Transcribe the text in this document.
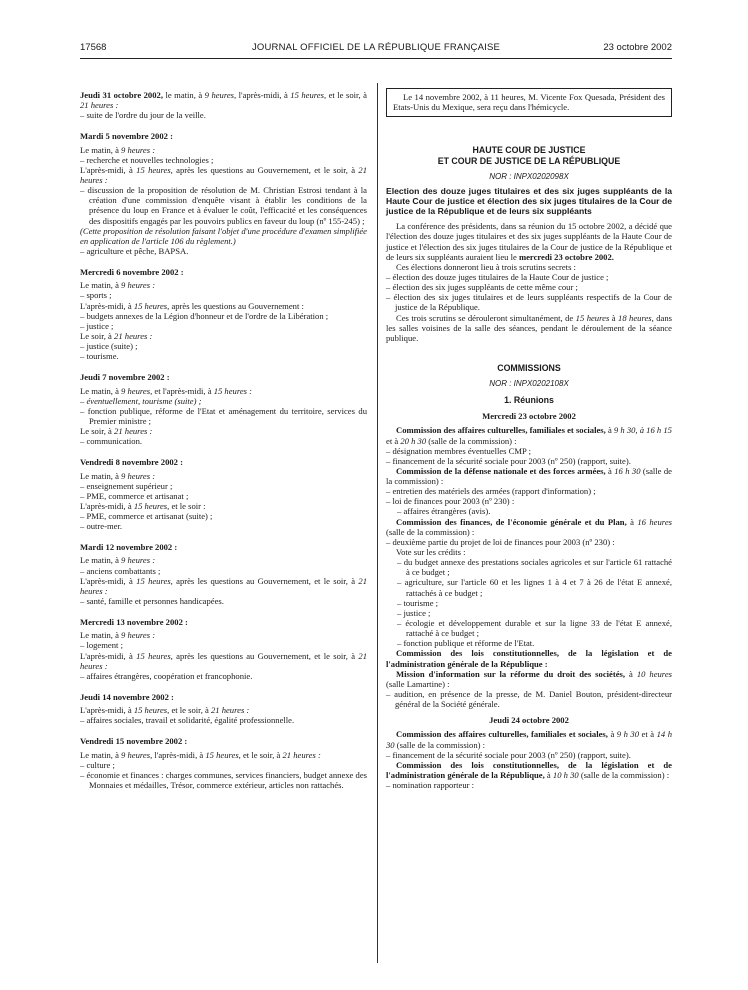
17568	JOURNAL OFFICIEL DE LA RÉPUBLIQUE FRANÇAISE	23 octobre 2002

Jeudi 31 octobre 2002, le matin, à 9 heures, l'après-midi, à 15 heures, et le soir, à 21 heures :

– suite de l'ordre du jour de la veille.

Mardi 5 novembre 2002 :

Le matin, à 9 heures :

– recherche et nouvelles technologies ;

L'après-midi, à 15 heures, après les questions au Gouvernement, et le soir, à 21 heures :

– discussion de la proposition de résolution de M. Christian Estrosi tendant à la création d'une commission d'enquête visant à établir les conditions de la présence du loup en France et à évaluer le coût, l'efficacité et les conséquences des dispositifs engagés par les pouvoirs publics en faveur du loup (nº 155-245) ;

(Cette proposition de résolution faisant l'objet d'une procédure d'examen simplifiée en application de l'article 106 du règlement.)

– agriculture et pêche, BAPSA.

Mercredi 6 novembre 2002 :

Le matin, à 9 heures :

– sports ;

L'après-midi, à 15 heures, après les questions au Gouvernement :

– budgets annexes de la Légion d'honneur et de l'ordre de la Libération ;

– justice ;

Le soir, à 21 heures :

– justice (suite) ;

– tourisme.

Jeudi 7 novembre 2002 :

Le matin, à 9 heures, et l'après-midi, à 15 heures :

– éventuellement, tourisme (suite) ;

– fonction publique, réforme de l'Etat et aménagement du territoire, services du Premier ministre ;

Le soir, à 21 heures :

– communication.

Vendredi 8 novembre 2002 :

Le matin, à 9 heures :

– enseignement supérieur ;

– PME, commerce et artisanat ;

L'après-midi, à 15 heures, et le soir :

– PME, commerce et artisanat (suite) ;

– outre-mer.

Mardi 12 novembre 2002 :

Le matin, à 9 heures :

– anciens combattants ;

L'après-midi, à 15 heures, après les questions au Gouvernement, et le soir, à 21 heures :

– santé, famille et personnes handicapées.

Mercredi 13 novembre 2002 :

Le matin, à 9 heures :

– logement ;

L'après-midi, à 15 heures, après les questions au Gouvernement, et le soir, à 21 heures :

– affaires étrangères, coopération et francophonie.

Jeudi 14 novembre 2002 :

L'après-midi, à 15 heures, et le soir, à 21 heures :

– affaires sociales, travail et solidarité, égalité professionnelle.

Vendredi 15 novembre 2002 :

Le matin, à 9 heures, l'après-midi, à 15 heures, et le soir, à 21 heures :

– culture ;

– économie et finances : charges communes, services financiers, budget annexe des Monnaies et médailles, Trésor, commerce extérieur, articles non rattachés.

Le 14 novembre 2002, à 11 heures, M. Vicente Fox Quesada, Président des Etats-Unis du Mexique, sera reçu dans l'hémicycle.

HAUTE COUR DE JUSTICE

ET COUR DE JUSTICE DE LA RÉPUBLIQUE

NOR : INPX0202098X

Election des douze juges titulaires et des six juges suppléants de la Haute Cour de justice et élection des six juges titulaires de la Cour de justice de la République et de leurs six suppléants

La conférence des présidents, dans sa réunion du 15 octobre 2002, a décidé que l'élection des douze juges titulaires et des six juges suppléants de la Haute Cour de justice et l'élection des six juges titulaires de la Cour de justice de la République et de leurs six suppléants auraient lieu le mercredi 23 octobre 2002.

Ces élections donneront lieu à trois scrutins secrets :

– élection des douze juges titulaires de la Haute Cour de justice ;

– élection des six juges suppléants de cette même cour ;

– élection des six juges titulaires et de leurs suppléants respectifs de la Cour de justice de la République.

Ces trois scrutins se dérouleront simultanément, de 15 heures à 18 heures, dans les salles voisines de la salle des séances, pendant le déroulement de la séance publique.

COMMISSIONS

NOR : INPX0202108X

1. Réunions

Mercredi 23 octobre 2002

Commission des affaires culturelles, familiales et sociales, à 9 h 30, à 16 h 15 et à 20 h 30 (salle de la commission) :

– désignation membres éventuelles CMP ;

– financement de la sécurité sociale pour 2003 (nº 250) (rapport, suite).

Commission de la défense nationale et des forces armées, à 16 h 30 (salle de la commission) :

– entretien des matériels des armées (rapport d'information) ;

– loi de finances pour 2003 (nº 230) :

– affaires étrangères (avis).

Commission des finances, de l'économie générale et du Plan, à 16 heures (salle de la commission) :

– deuxième partie du projet de loi de finances pour 2003 (nº 230) :

Vote sur les crédits :

– du budget annexe des prestations sociales agricoles et sur l'article 61 rattaché à ce budget ;

– agriculture, sur l'article 60 et les lignes 1 à 4 et 7 à 26 de l'état E annexé, rattachés à ce budget ;

– tourisme ;

– justice ;

– écologie et développement durable et sur la ligne 33 de l'état E annexé, rattaché à ce budget ;

– fonction publique et réforme de l'Etat.

Commission des lois constitutionnelles, de la législation et de l'administration générale de la République :

Mission d'information sur la réforme du droit des sociétés, à 10 heures (salle Lamartine) :

– audition, en présence de la presse, de M. Daniel Bouton, président-directeur général de la Société générale.

Jeudi 24 octobre 2002

Commission des affaires culturelles, familiales et sociales, à 9 h 30 et à 14 h 30 (salle de la commission) :

– financement de la sécurité sociale pour 2003 (nº 250) (rapport, suite).

Commission des lois constitutionnelles, de la législation et de l'administration générale de la République, à 10 h 30 (salle de la commission) :

– nomination rapporteur :
